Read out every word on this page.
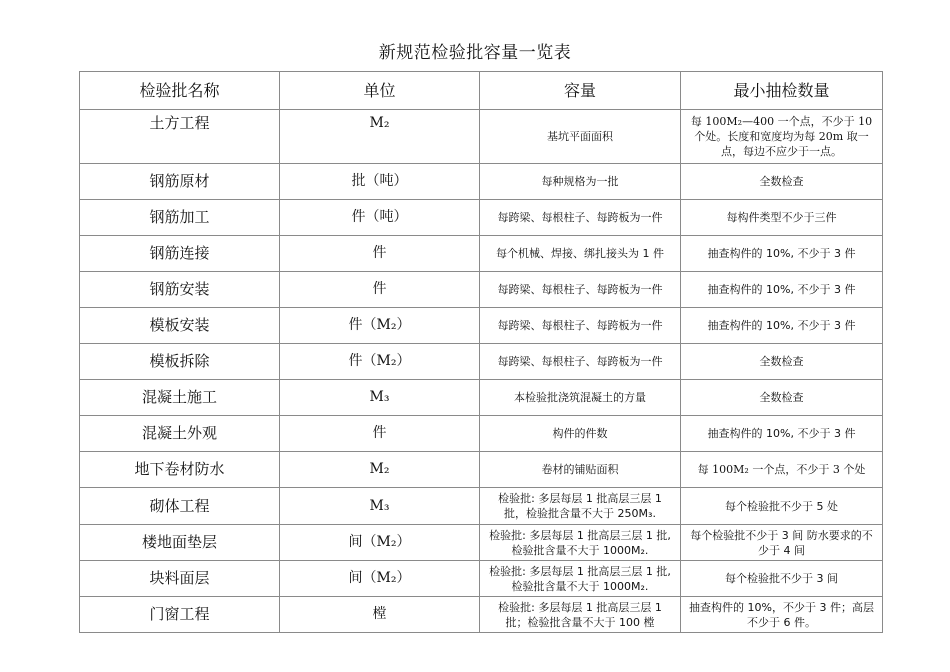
新规范检验批容量一览表
检验批名称	单位	容量	最小抽检数量
土方工程	M₂	基坑平面面积	每 100M₂—400 一个点，不少于 10 个处。长度和宽度均为每 20m 取一点，每边不应少于一点。
钢筋原材	批（吨）	每种规格为一批	全数检查
钢筋加工	件（吨）	每跨梁、每根柱子、每跨板为一件	每构件类型不少于三件
钢筋连接	件	每个机械、焊接、绑扎接头为 1 件	抽查构件的 10%, 不少于 3 件
钢筋安装	件	每跨梁、每根柱子、每跨板为一件	抽查构件的 10%, 不少于 3 件
模板安装	件（M₂）	每跨梁、每根柱子、每跨板为一件	抽查构件的 10%, 不少于 3 件
模板拆除	件（M₂）	每跨梁、每根柱子、每跨板为一件	全数检查
混凝土施工	M₃	本检验批浇筑混凝土的方量	全数检查
混凝土外观	件	构件的件数	抽查构件的 10%, 不少于 3 件
地下卷材防水	M₂	卷材的铺贴面积	每 100M₂ 一个点，不少于 3 个处
砌体工程	M₃	检验批: 多层每层 1 批高层三层 1 批，检验批含量不大于 250M₃.	每个检验批不少于 5 处
楼地面垫层	间（M₂）	检验批: 多层每层 1 批高层三层 1 批, 检验批含量不大于 1000M₂.	每个检验批不少于 3 间 防水要求的不少于 4 间
块料面层	间（M₂）	检验批: 多层每层 1 批高层三层 1 批, 检验批含量不大于 1000M₂.	每个检验批不少于 3 间
门窗工程	樘	检验批: 多层每层 1 批高层三层 1 批；检验批含量不大于 100 樘	抽查构件的 10%，不少于 3 件；高层不少于 6 件。
